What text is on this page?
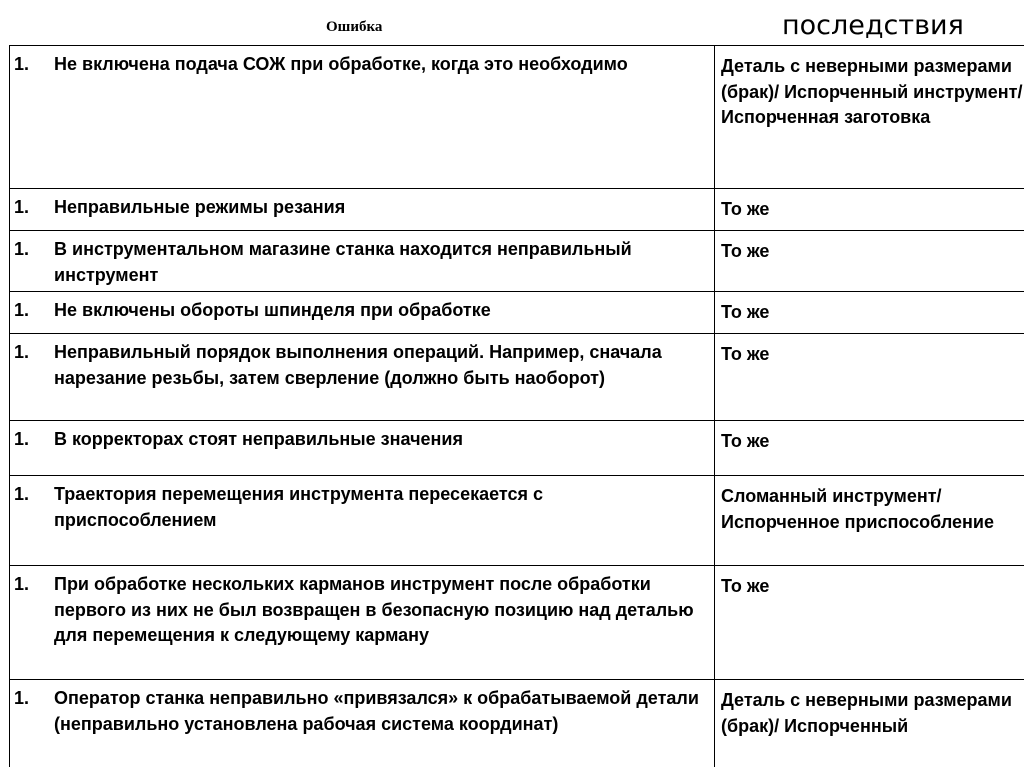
Ошибка	последствия
1. Не включена подача СОЖ при обработке, когда это необходимо	Деталь с неверными размерами (брак)/ Испорченный инструмент/ Испорченная заготовка

1. Неправильные режимы резания	То же

1. В инструментальном магазине станка находится неправильный инструмент	То же

1. Не включены обороты шпинделя при обработке	То же

1. Неправильный порядок выполнения операций. Например, сначала нарезание резьбы, затем сверление (должно быть наоборот)	То же

1. В корректорах стоят неправильные значения	То же

1. Траектория перемещения инструмента пересекается с приспособлением	Сломанный инструмент/Испорченное приспособление

1. При обработке нескольких карманов инструмент после обработки первого из них не был возвращен в безопасную позицию над деталью для перемещения к следующему карману	То же

1. Оператор станка неправильно «привязался» к обрабатываемой детали (неправильно установлена рабочая система координат)	Деталь с неверными размерами (брак)/ Испорченный
